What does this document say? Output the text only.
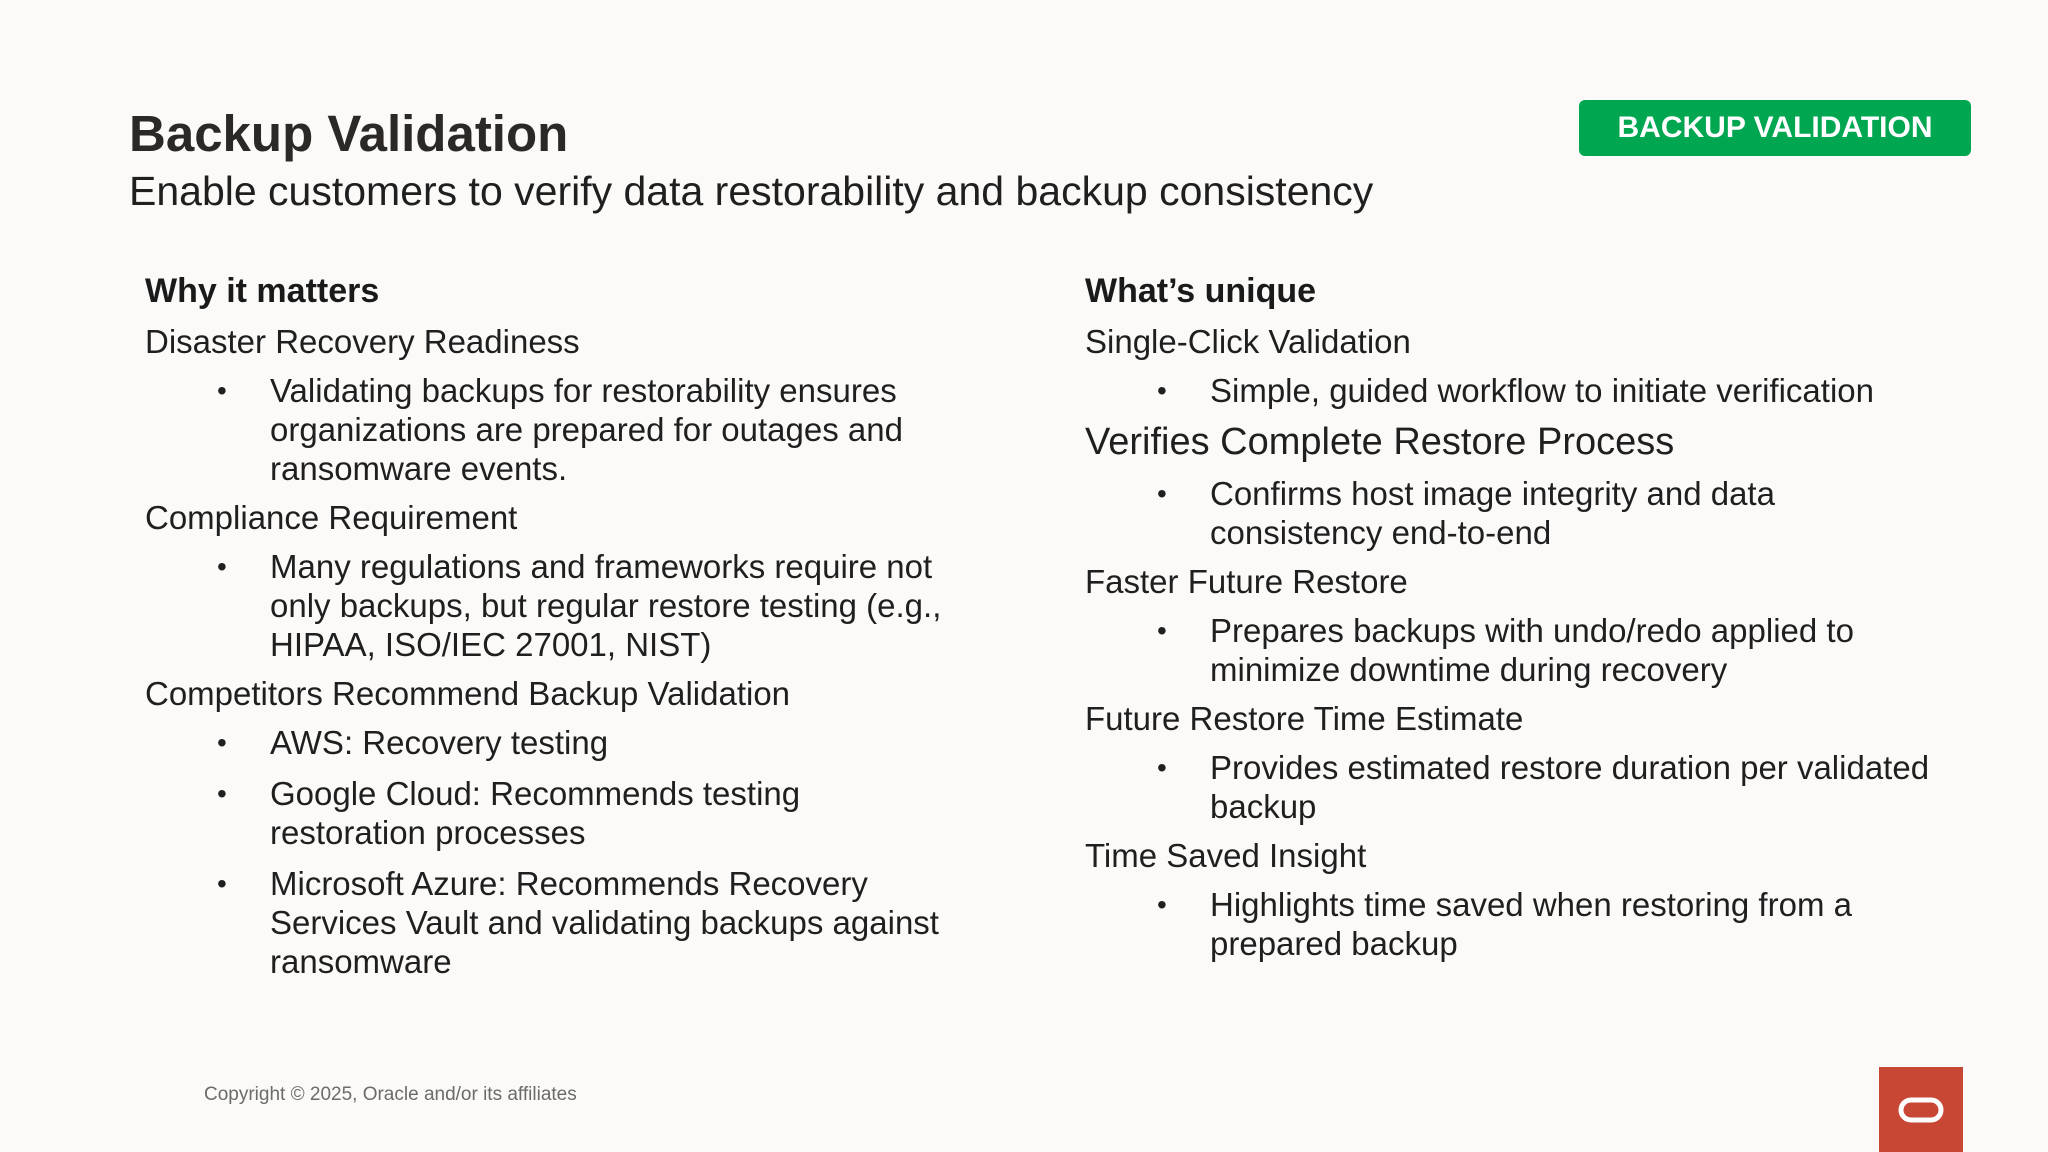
Backup Validation

Enable customers to verify data restorability and backup consistency

BACKUP VALIDATION
Why it matters

Disaster Recovery Readiness

• Validating backups for restorability ensures organizations are prepared for outages and ransomware events.

Compliance Requirement

• Many regulations and frameworks require not only backups, but regular restore testing (e.g., HIPAA, ISO/IEC 27001, NIST)

Competitors Recommend Backup Validation

• AWS: Recovery testing
• Google Cloud: Recommends testing restoration processes
• Microsoft Azure: Recommends Recovery Services Vault and validating backups against ransomware
What’s unique

Single-Click Validation

• Simple, guided workflow to initiate verification

Verifies Complete Restore Process

• Confirms host image integrity and data consistency end-to-end

Faster Future Restore

• Prepares backups with undo/redo applied to minimize downtime during recovery

Future Restore Time Estimate

• Provides estimated restore duration per validated backup

Time Saved Insight

• Highlights time saved when restoring from a prepared backup
Copyright © 2025, Oracle and/or its affiliates
